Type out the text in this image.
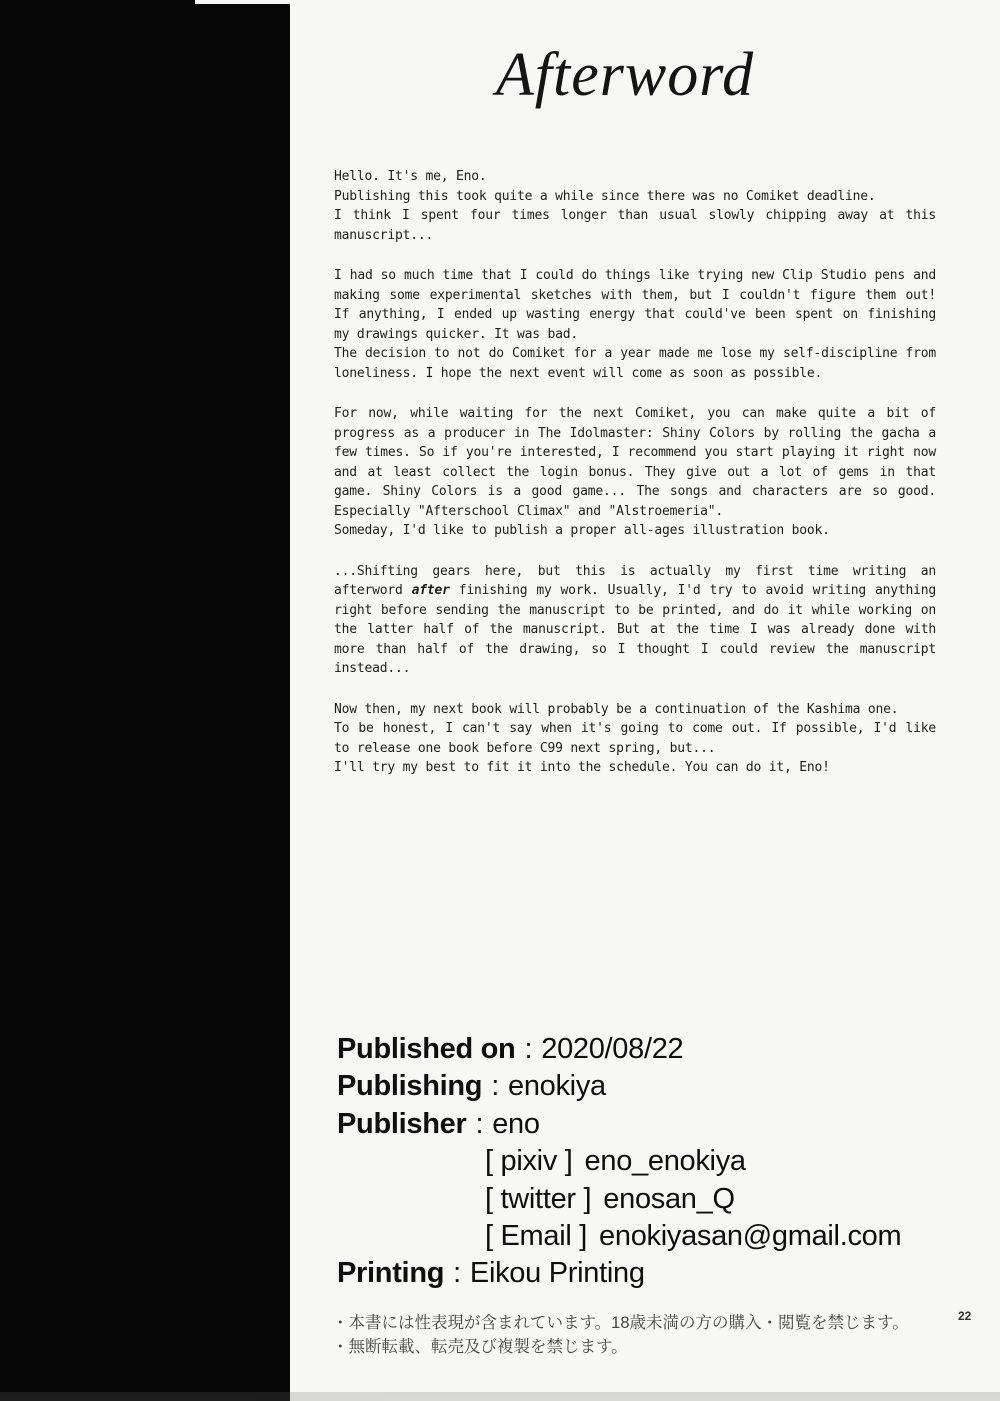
Afterword
Hello. It's me, Eno.
Publishing this took quite a while since there was no Comiket deadline.
I think I spent four times longer than usual slowly chipping away at this manuscript...
I had so much time that I could do things like trying new Clip Studio pens and making some experimental sketches with them, but I couldn't figure them out! If anything, I ended up wasting energy that could've been spent on finishing my drawings quicker. It was bad.
The decision to not do Comiket for a year made me lose my self-discipline from loneliness. I hope the next event will come as soon as possible.
For now, while waiting for the next Comiket, you can make quite a bit of progress as a producer in The Idolmaster: Shiny Colors by rolling the gacha a few times. So if you're interested, I recommend you start playing it right now and at least collect the login bonus. They give out a lot of gems in that game. Shiny Colors is a good game... The songs and characters are so good. Especially "Afterschool Climax" and "Alstroemeria".
Someday, I'd like to publish a proper all-ages illustration book.
...Shifting gears here, but this is actually my first time writing an afterword after finishing my work. Usually, I'd try to avoid writing anything right before sending the manuscript to be printed, and do it while working on the latter half of the manuscript. But at the time I was already done with more than half of the drawing, so I thought I could review the manuscript instead...
Now then, my next book will probably be a continuation of the Kashima one.
To be honest, I can't say when it's going to come out. If possible, I'd like to release one book before C99 next spring, but...
I'll try my best to fit it into the schedule. You can do it, Eno!
Published on : 2020/08/22
Publishing : enokiya
Publisher : eno
[ pixiv ] eno_enokiya
[ twitter ] enosan_Q
[ Email ] enokiyasan@gmail.com
Printing : Eikou Printing
・本書には性表現が含まれています。18歳未満の方の購入・閲覧を禁じます。
・無断転載、転売及び複製を禁じます。
22
